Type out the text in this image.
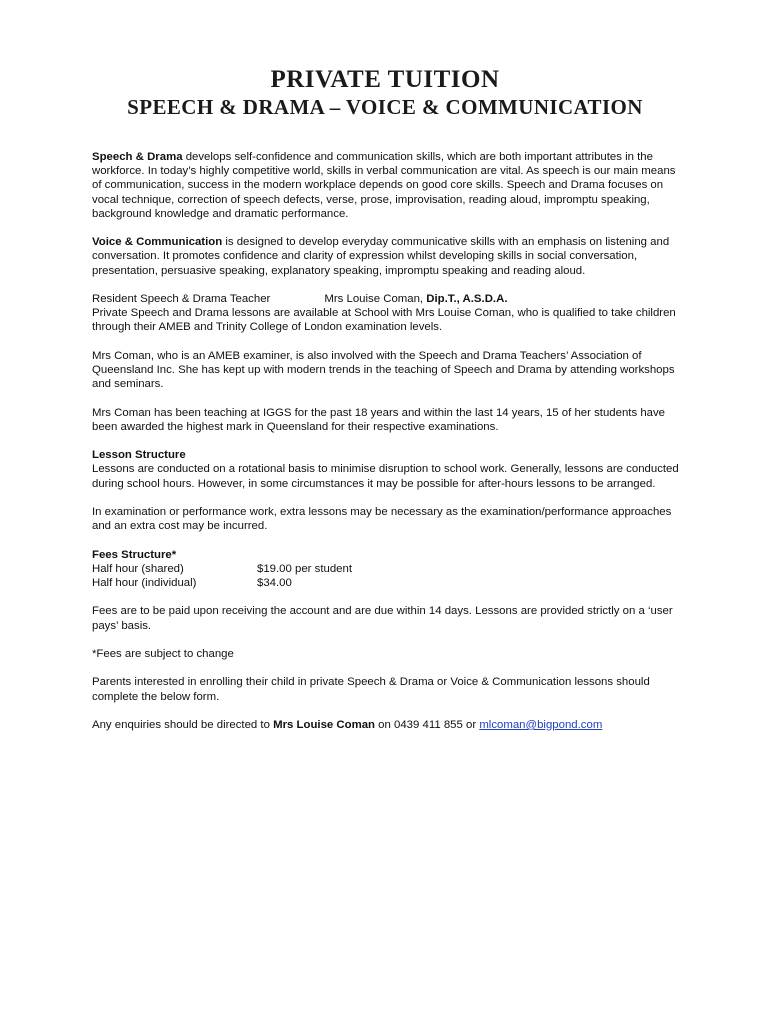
PRIVATE TUITION
SPEECH & DRAMA – VOICE & COMMUNICATION

Speech & Drama develops self-confidence and communication skills, which are both important attributes in the workforce. In today’s highly competitive world, skills in verbal communication are vital. As speech is our main means of communication, success in the modern workplace depends on good core skills. Speech and Drama focuses on vocal technique, correction of speech defects, verse, prose, improvisation, reading aloud, impromptu speaking, background knowledge and dramatic performance.

Voice & Communication is designed to develop everyday communicative skills with an emphasis on listening and conversation. It promotes confidence and clarity of expression whilst developing skills in social conversation, presentation, persuasive speaking, explanatory speaking, impromptu speaking and reading aloud.

Resident Speech & Drama Teacher	Mrs Louise Coman, Dip.T., A.S.D.A.
Private Speech and Drama lessons are available at School with Mrs Louise Coman, who is qualified to take children through their AMEB and Trinity College of London examination levels.

Mrs Coman, who is an AMEB examiner, is also involved with the Speech and Drama Teachers’ Association of Queensland Inc. She has kept up with modern trends in the teaching of Speech and Drama by attending workshops and seminars.

Mrs Coman has been teaching at IGGS for the past 18 years and within the last 14 years, 15 of her students have been awarded the highest mark in Queensland for their respective examinations.

Lesson Structure
Lessons are conducted on a rotational basis to minimise disruption to school work. Generally, lessons are conducted during school hours. However, in some circumstances it may be possible for after-hours lessons to be arranged.

In examination or performance work, extra lessons may be necessary as the examination/performance approaches and an extra cost may be incurred.

Fees Structure*
Half hour (shared)	$19.00 per student
Half hour (individual)	$34.00

Fees are to be paid upon receiving the account and are due within 14 days. Lessons are provided strictly on a ‘user pays’ basis.

*Fees are subject to change

Parents interested in enrolling their child in private Speech & Drama or Voice & Communication lessons should complete the below form.

Any enquiries should be directed to Mrs Louise Coman on 0439 411 855 or mlcoman@bigpond.com
